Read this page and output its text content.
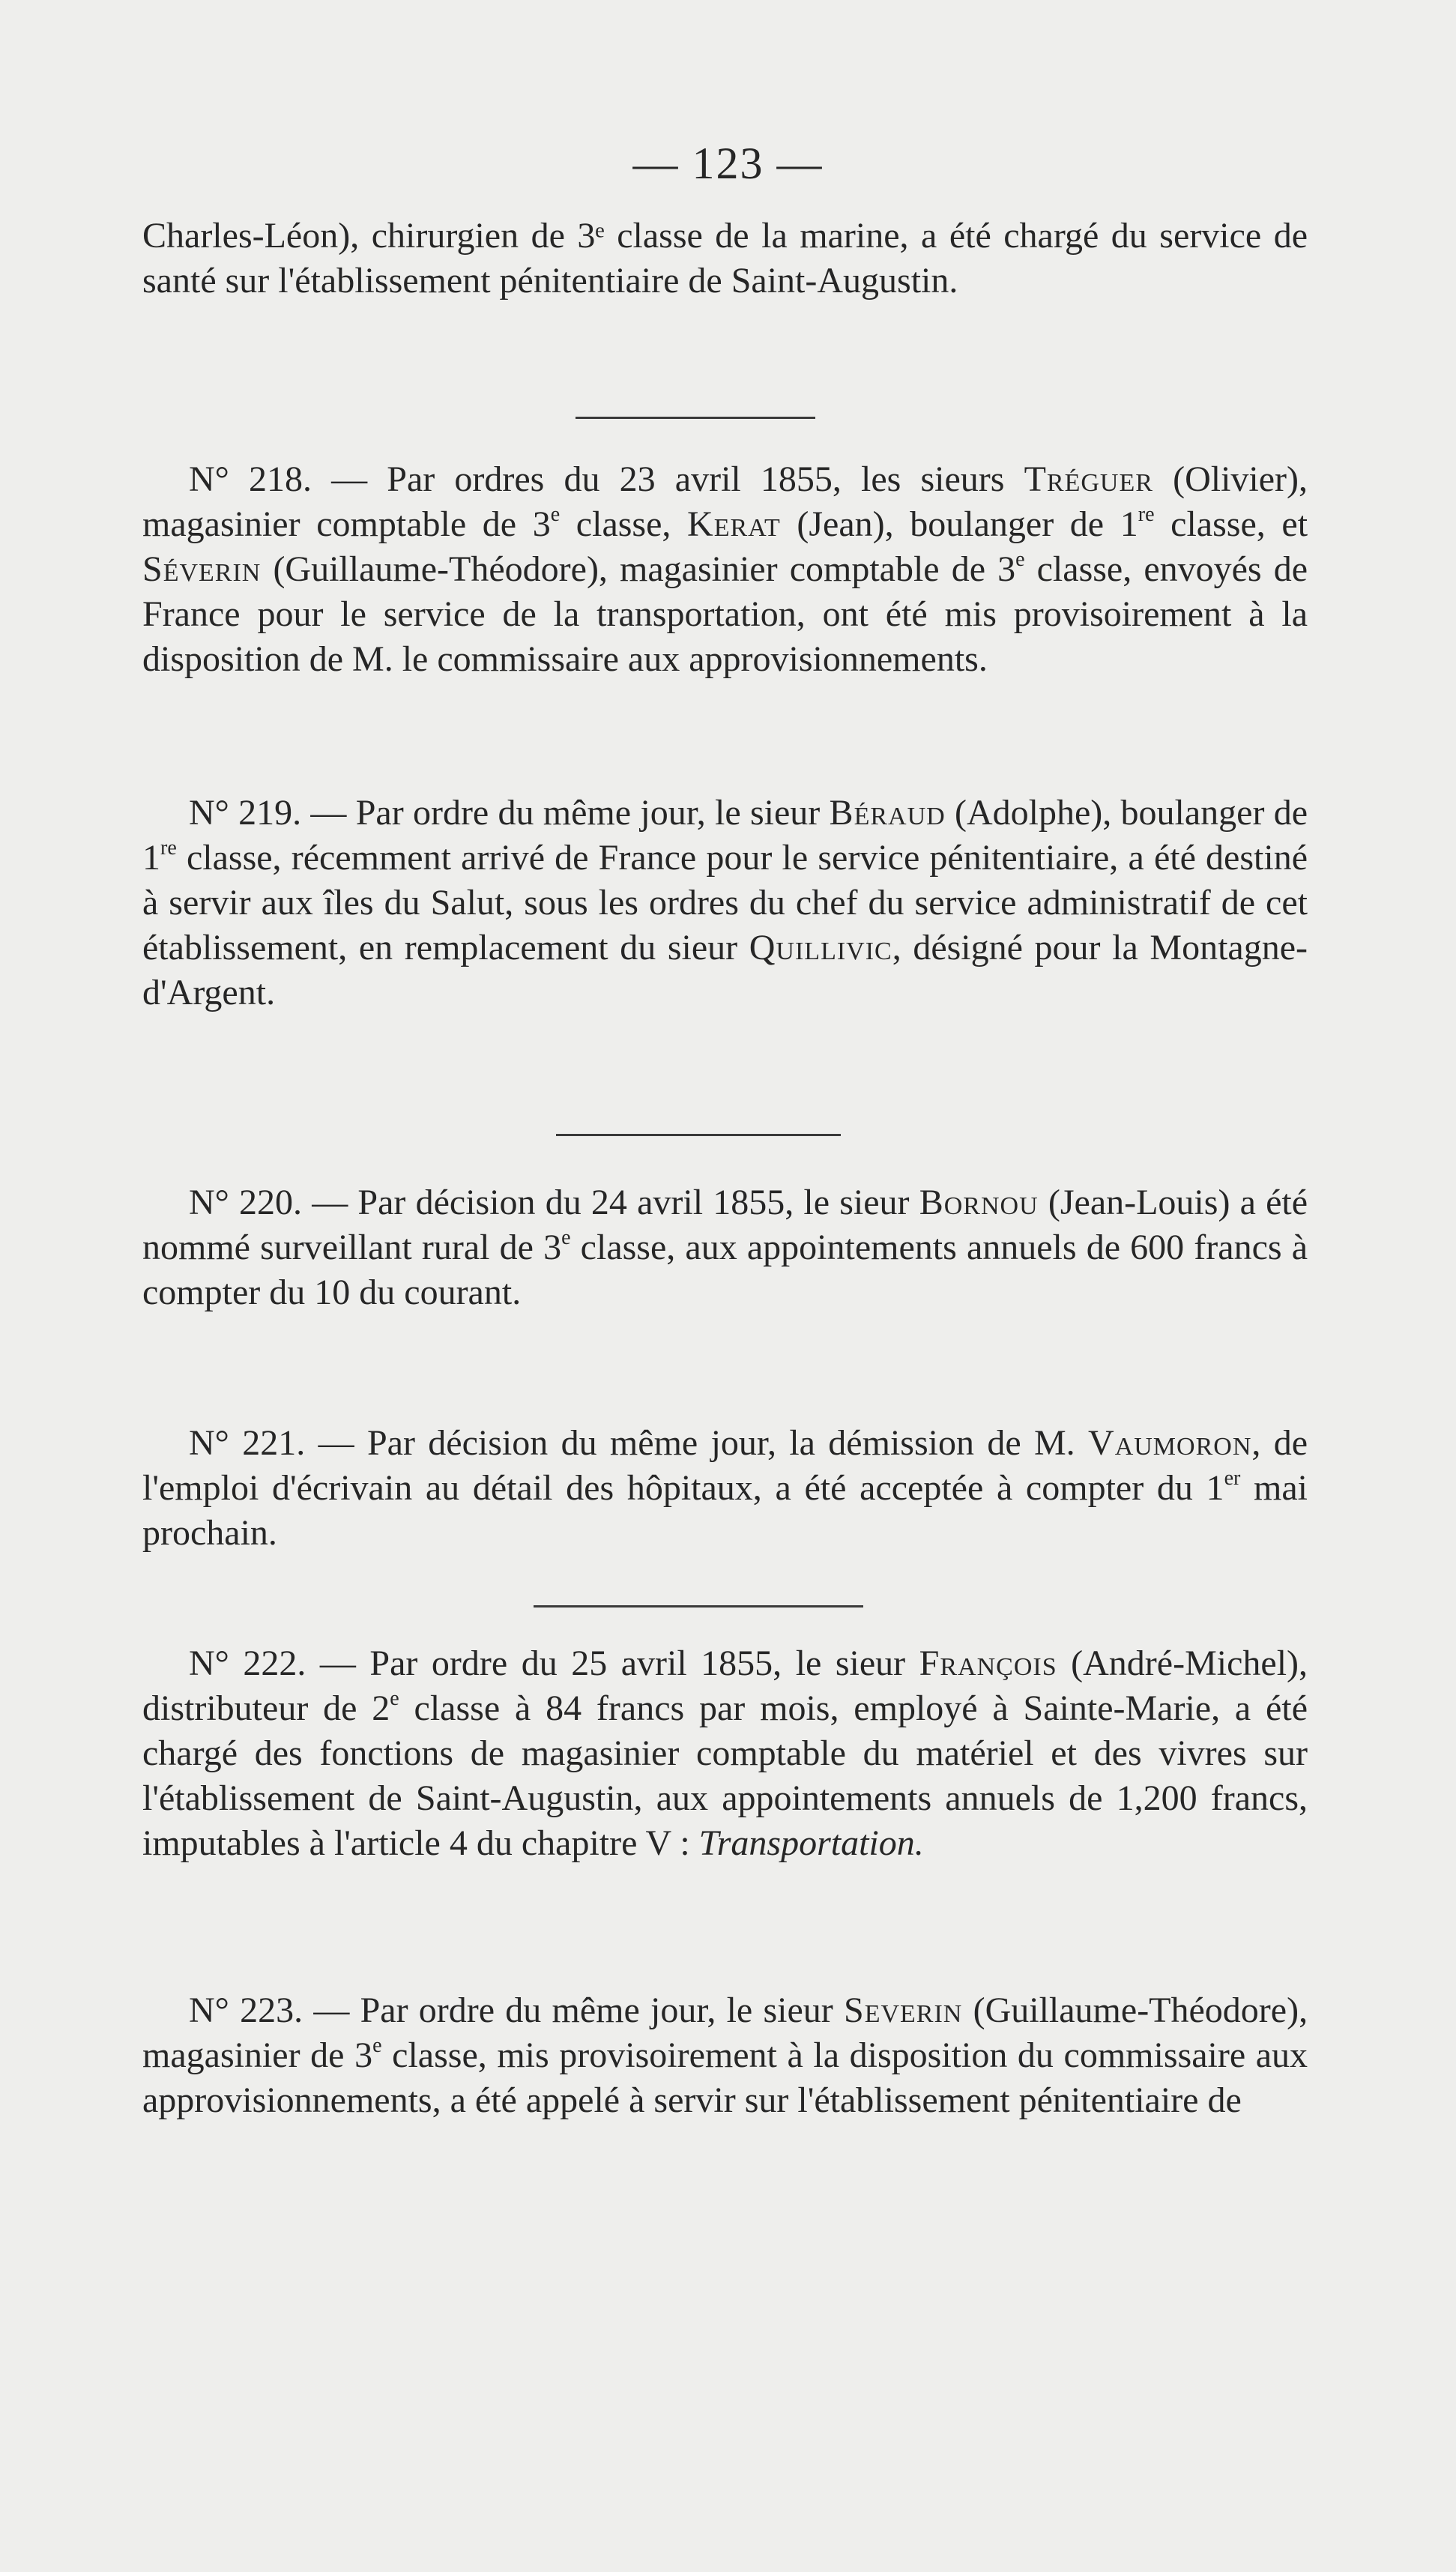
— 123 —

Charles-Léon), chirurgien de 3ᵉ classe de la marine, a été chargé du service de santé sur l'établissement pénitentiaire de Saint-Augustin.

N° 218. — Par ordres du 23 avril 1855, les sieurs Tréguer (Olivier), magasinier comptable de 3e classe, Kerat (Jean), boulanger de 1re classe, et Séverin (Guillaume-Théodore), magasinier comptable de 3e classe, envoyés de France pour le service de la transportation, ont été mis provisoirement à la disposition de M. le commissaire aux approvisionnements.

N° 219. — Par ordre du même jour, le sieur Béraud (Adolphe), boulanger de 1re classe, récemment arrivé de France pour le service pénitentiaire, a été destiné à servir aux îles du Salut, sous les ordres du chef du service administratif de cet établissement, en remplacement du sieur Quillivic, désigné pour la Montagne-d'Argent.

N° 220. — Par décision du 24 avril 1855, le sieur Bornou (Jean-Louis) a été nommé surveillant rural de 3e classe, aux appointements annuels de 600 francs à compter du 10 du courant.

N° 221. — Par décision du même jour, la démission de M. Vaumoron, de l'emploi d'écrivain au détail des hôpitaux, a été acceptée à compter du 1er mai prochain.

N° 222. — Par ordre du 25 avril 1855, le sieur François (André-Michel), distributeur de 2e classe à 84 francs par mois, employé à Sainte-Marie, a été chargé des fonctions de magasinier comptable du matériel et des vivres sur l'établissement de Saint-Augustin, aux appointements annuels de 1,200 francs, imputables à l'article 4 du chapitre V : Transportation.

N° 223. — Par ordre du même jour, le sieur Severin (Guillaume-Théodore), magasinier de 3e classe, mis provisoirement à la disposition du commissaire aux approvisionnements, a été appelé à servir sur l'établissement pénitentiaire de
